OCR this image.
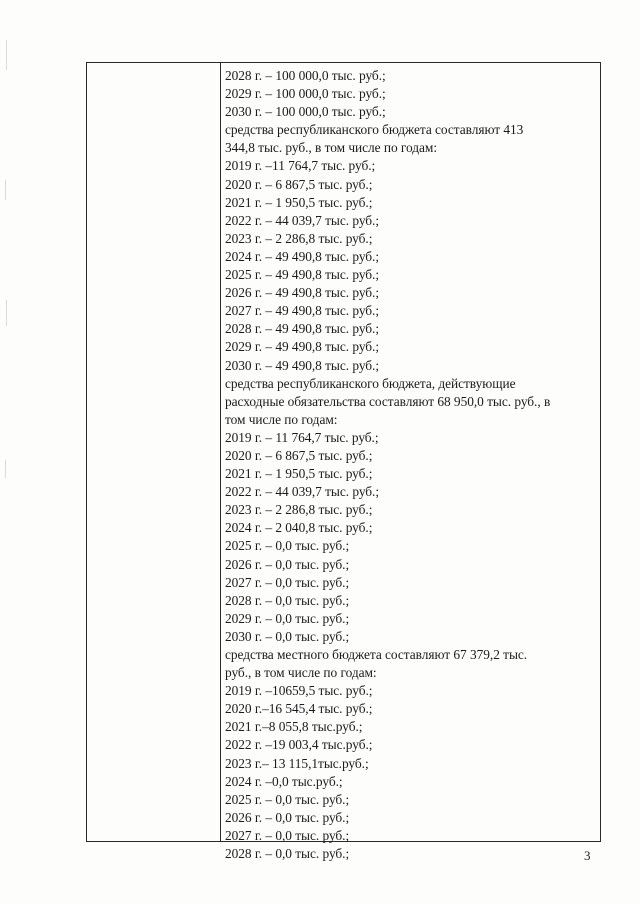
2028 г. – 100 000,0 тыс. руб.;
2029 г. – 100 000,0 тыс. руб.;
2030 г. – 100 000,0 тыс. руб.;
средства республиканского бюджета составляют 413
344,8 тыс. руб., в том числе по годам:
2019 г. –11 764,7 тыс. руб.;
2020 г. – 6 867,5 тыс. руб.;
2021 г. – 1 950,5 тыс. руб.;
2022 г. – 44 039,7 тыс. руб.;
2023 г. – 2 286,8 тыс. руб.;
2024 г. – 49 490,8 тыс. руб.;
2025 г. – 49 490,8 тыс. руб.;
2026 г. – 49 490,8 тыс. руб.;
2027 г. – 49 490,8 тыс. руб.;
2028 г. – 49 490,8 тыс. руб.;
2029 г. – 49 490,8 тыс. руб.;
2030 г. – 49 490,8 тыс. руб.;
средства республиканского бюджета, действующие
расходные обязательства составляют 68 950,0 тыс. руб., в
том числе по годам:
2019 г. – 11 764,7 тыс. руб.;
2020 г. – 6 867,5 тыс. руб.;
2021 г. – 1 950,5 тыс. руб.;
2022 г. – 44 039,7 тыс. руб.;
2023 г. – 2 286,8 тыс. руб.;
2024 г. – 2 040,8 тыс. руб.;
2025 г. – 0,0 тыс. руб.;
2026 г. – 0,0 тыс. руб.;
2027 г. – 0,0 тыс. руб.;
2028 г. – 0,0 тыс. руб.;
2029 г. – 0,0 тыс. руб.;
2030 г. – 0,0 тыс. руб.;
средства местного бюджета составляют 67 379,2 тыс.
руб., в том числе по годам:
2019 г. –10659,5 тыс. руб.;
2020 г.–16 545,4 тыс. руб.;
2021 г.–8 055,8 тыс.руб.;
2022 г. –19 003,4 тыс.руб.;
2023 г.– 13 115,1тыс.руб.;
2024 г. –0,0 тыс.руб.;
2025 г. – 0,0 тыс. руб.;
2026 г. – 0,0 тыс. руб.;
2027 г. – 0,0 тыс. руб.;
2028 г. – 0,0 тыс. руб.;	3
